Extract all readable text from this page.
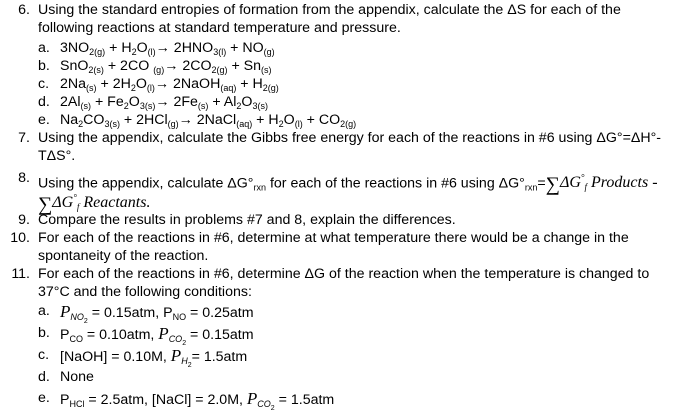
6. Using the standard entropies of formation from the appendix, calculate the ΔS for each of the
following reactions at standard temperature and pressure.
a. $3NO_{2(g)} + H_2O_{(l)}\to 2HNO_{3(l)} + NO_{(g)}$
b. SnO$_{2(s)}$ + 2CO $_{(g)}\to 2CO_{2(g)} + Sn_{(s)}$
c. $2Na_{(s)} + 2H_2O_{(l)}\to$ 2NaOH$_{(aq)}$ + $H_{2(g)}$
d. $2Al_{(s)} + Fe_2O_{3(s)}\to 2Fe_{(s)} + Al_2O_{3(s)}$
e. $Na_2CO_{3(s)} + 2HCl_{(g)}\to$ 2NaCl$_{(aq)}$ + $H_2O_{(l)} + CO_{2(g)}$
7. Using the appendix, calculate the Gibbs free energy for each of the reactions in #6 using ΔG°=ΔH°-
TΔS°.
8. Using the appendix, calculate $\Delta G^\circ_{rxn}$ for each of the reactions in #6 using $\Delta G^\circ_{rxn}=\sum\Delta G^\circ_f$ Products -
$\sum\Delta G^\circ_f$ Reactants.
9. Compare the results in problems #7 and 8, explain the differences.
10. For each of the reactions in #6, determine at what temperature there would be a change in the
spontaneity of the reaction.
11. For each of the reactions in #6, determine ΔG of the reaction when the temperature is changed to
37°C and the following conditions:
a. $P_{NO_2} = 0.15atm$, $P_{NO} = 0.25atm$
b. $P_{CO} = 0.10atm$, $P_{CO_2} = 0.15atm$
c. [NaOH] = 0.10M, $P_{H_2}= 1.5atm$
d. None
e. $P_{HCl} = 2.5atm$, [NaCl] = 2.0M, $P_{CO_2} = 1.5atm$
